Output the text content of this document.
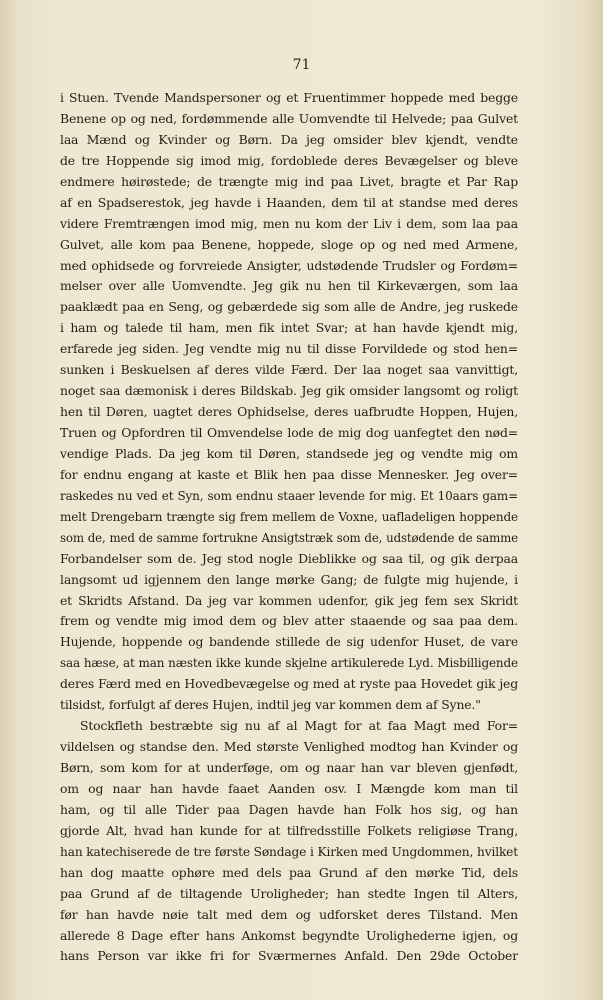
71
i Stuen. Tvende Mandspersoner og et Fruentimmer hoppede med begge
Benene op og ned, fordømmende alle Uomvendte til Helvede; paa Gulvet
laa Mænd og Kvinder og Børn. Da jeg omsider blev kjendt, vendte
de tre Hoppende sig imod mig, fordoblede deres Bevægelser og bleve
endmere høirøstede; de trængte mig ind paa Livet, bragte et Par Rap
af en Spadserestok, jeg havde i Haanden, dem til at standse med deres
videre Fremtrængen imod mig, men nu kom der Liv i dem, som laa paa
Gulvet, alle kom paa Benene, hoppede, sloge op og ned med Armene,
med ophidsede og forvreiede Ansigter, udstødende Trudsler og Fordøm=
melser over alle Uomvendte. Jeg gik nu hen til Kirkeværgen, som laa
paaklædt paa en Seng, og gebærdede sig som alle de Andre, jeg ruskede
i ham og talede til ham, men fik intet Svar; at han havde kjendt mig,
erfarede jeg siden. Jeg vendte mig nu til disse Forvildede og stod hen=
sunken i Beskuelsen af deres vilde Færd. Der laa noget saa vanvittigt,
noget saa dæmonisk i deres Bildskab. Jeg gik omsider langsomt og roligt
hen til Døren, uagtet deres Ophidselse, deres uafbrudte Hoppen, Hujen,
Truen og Opfordren til Omvendelse lode de mig dog uanfegtet den nød=
vendige Plads. Da jeg kom til Døren, standsede jeg og vendte mig om
for endnu engang at kaste et Blik hen paa disse Mennesker. Jeg over=
raskedes nu ved et Syn, som endnu staaer levende for mig. Et 10aars gam=
melt Drengebarn trængte sig frem mellem de Voxne, uafladeligen hoppende
som de, med de samme fortrukne Ansigtstræk som de, udstødende de samme
Forbandelser som de. Jeg stod nogle Dieblikke og saa til, og gik derpaa
langsomt ud igjennem den lange mørke Gang; de fulgte mig hujende, i
et Skridts Afstand. Da jeg var kommen udenfor, gik jeg fem sex Skridt
frem og vendte mig imod dem og blev atter staaende og saa paa dem.
Hujende, hoppende og bandende stillede de sig udenfor Huset, de vare
saa hæse, at man næsten ikke kunde skjelne artikulerede Lyd. Misbilligende
deres Færd med en Hovedbevægelse og med at ryste paa Hovedet gik jeg
tilsidst, forfulgt af deres Hujen, indtil jeg var kommen dem af Syne."
Stockfleth bestræbte sig nu af al Magt for at faa Magt med For=
vildelsen og standse den. Med største Venlighed modtog han Kvinder og
Børn, som kom for at underføge, om og naar han var bleven gjenfødt,
om og naar han havde faaet Aanden osv. I Mængde kom man til
ham, og til alle Tider paa Dagen havde han Folk hos sig, og han
gjorde Alt, hvad han kunde for at tilfredsstille Folkets religiøse Trang,
han katechiserede de tre første Søndage i Kirken med Ungdommen, hvilket
han dog maatte ophøre med dels paa Grund af den mørke Tid, dels
paa Grund af de tiltagende Uroligheder; han stedte Ingen til Alters,
før han havde nøie talt med dem og udforsket deres Tilstand. Men
allerede 8 Dage efter hans Ankomst begyndte Urolighederne igjen, og
hans Person var ikke fri for Sværmernes Anfald. Den 29de October
